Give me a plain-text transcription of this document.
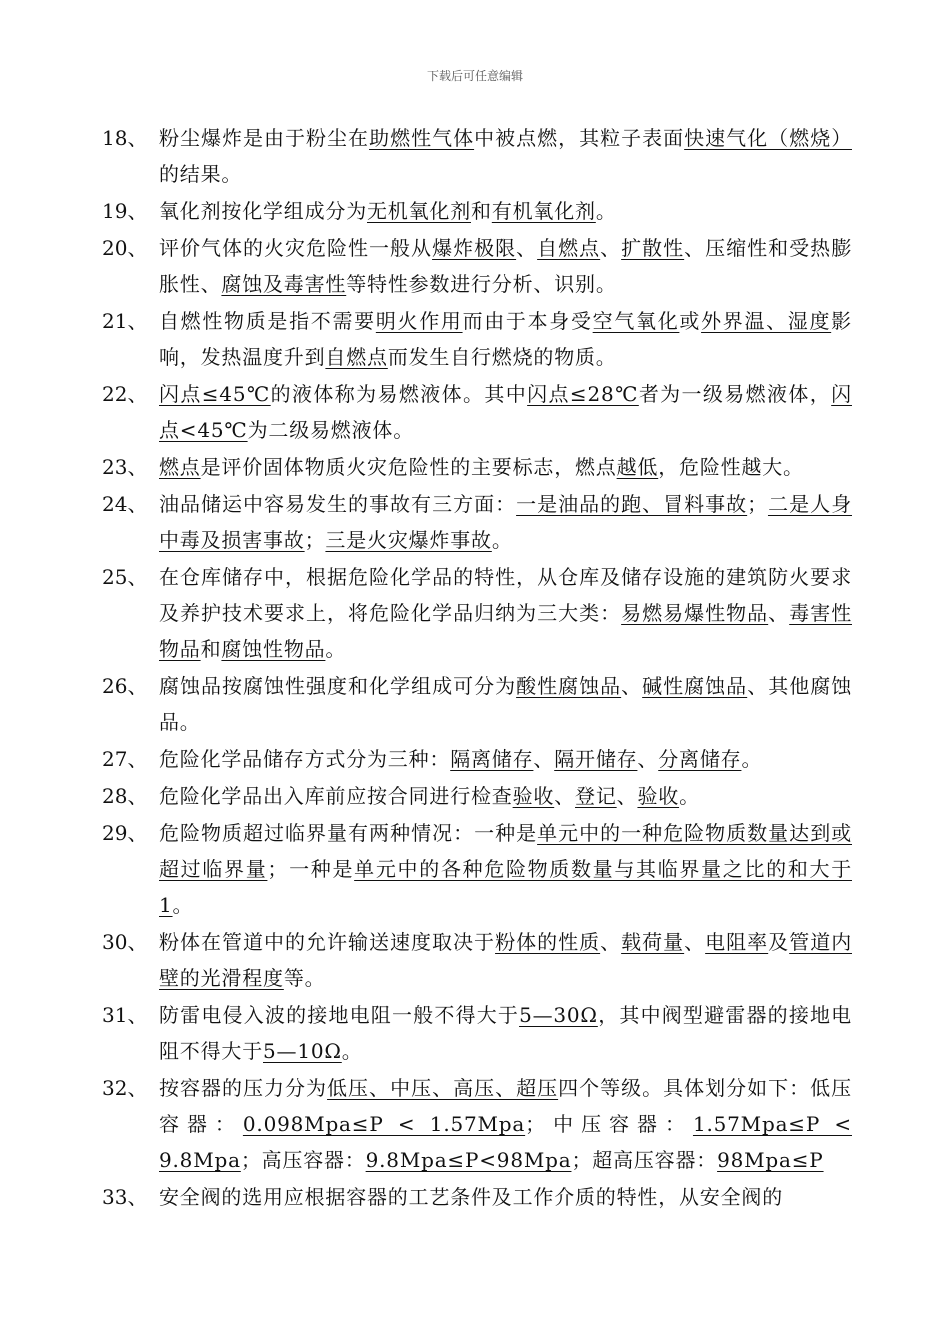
下载后可任意编辑
18、 粉尘爆炸是由于粉尘在助燃性气体中被点燃，其粒子表面快速气化（燃烧）的结果。
19、 氧化剂按化学组成分为无机氧化剂和有机氧化剂。
20、 评价气体的火灾危险性一般从爆炸极限、自燃点、扩散性、压缩性和受热膨胀性、腐蚀及毒害性等特性参数进行分析、识别。
21、 自燃性物质是指不需要明火作用而由于本身受空气氧化或外界温、湿度影响，发热温度升到自燃点而发生自行燃烧的物质。
22、 闪点≤45℃的液体称为易燃液体。其中闪点≤28℃者为一级易燃液体，闪点<45℃为二级易燃液体。
23、 燃点是评价固体物质火灾危险性的主要标志，燃点越低，危险性越大。
24、 油品储运中容易发生的事故有三方面：一是油品的跑、冒料事故；二是人身中毒及损害事故；三是火灾爆炸事故。
25、 在仓库储存中，根据危险化学品的特性，从仓库及储存设施的建筑防火要求及养护技术要求上，将危险化学品归纳为三大类：易燃易爆性物品、毒害性物品和腐蚀性物品。
26、 腐蚀品按腐蚀性强度和化学组成可分为酸性腐蚀品、碱性腐蚀品、其他腐蚀品。
27、 危险化学品储存方式分为三种：隔离储存、隔开储存、分离储存。
28、 危险化学品出入库前应按合同进行检查验收、登记、验收。
29、 危险物质超过临界量有两种情况：一种是单元中的一种危险物质数量达到或超过临界量；一种是单元中的各种危险物质数量与其临界量之比的和大于1。
30、 粉体在管道中的允许输送速度取决于粉体的性质、载荷量、电阻率及管道内壁的光滑程度等。
31、 防雷电侵入波的接地电阻一般不得大于5—30Ω，其中阀型避雷器的接地电阻不得大于5—10Ω。
32、 按容器的压力分为低压、中压、高压、超压四个等级。具体划分如下：低压容器：0.098Mpa≤P < 1.57Mpa；中压容器：1.57Mpa≤P < 9.8Mpa；高压容器：9.8Mpa≤P<98Mpa；超高压容器：98Mpa≤P
33、 安全阀的选用应根据容器的工艺条件及工作介质的特性，从安全阀的
